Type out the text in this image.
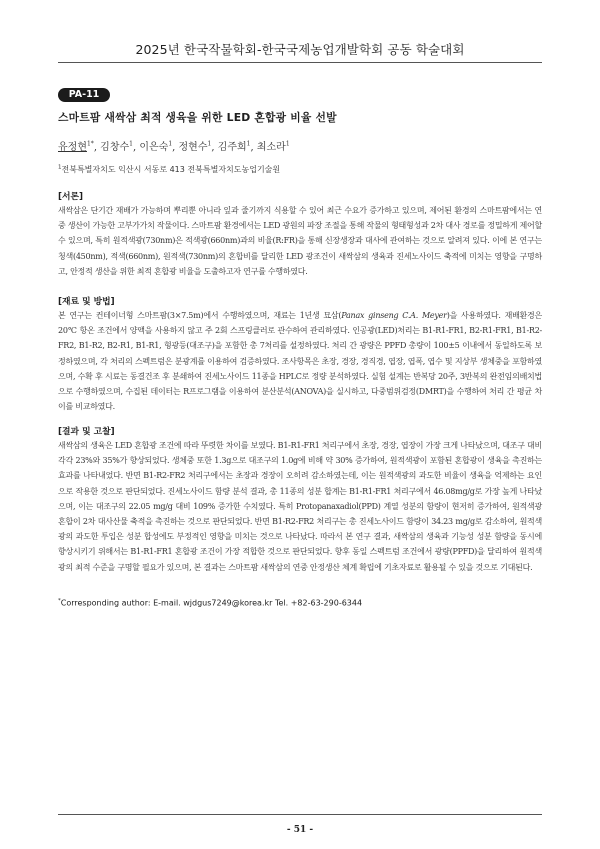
2025년 한국작물학회-한국국제농업개발학회 공동 학술대회
PA-11
스마트팜 새싹삼 최적 생육을 위한 LED 혼합광 비율 선발
유정현$^{1*}$, 김창수$^1$, 이은숙$^1$, 정현수$^1$, 김주희$^1$, 최소라$^1$
$^1$전북특별자치도 익산시 서동로 413 전북특별자치도농업기술원
[서론]

새싹삼은 단기간 재배가 가능하며 뿌리뿐 아니라 잎과 줄기까지 식용할 수 있어 최근 수요가 증가하고 있으며, 제어된 환경의 스마트팜에서는 연중 생산이 가능한 고부가가치 작물이다. 스마트팜 환경에서는 LED 광원의 파장 조절을 통해 작물의 형태형성과 2차 대사 경로를 정밀하게 제어할 수 있으며, 특히 원적색광(730nm)은 적색광(660nm)과의 비율(R:FR)을 통해 신장생장과 대사에 관여하는 것으로 알려져 있다. 이에 본 연구는 청색(450nm), 적색(660nm), 원적색(730nm)의 혼합비를 달리한 LED 광조건이 새싹삼의 생육과 진세노사이드 축적에 미치는 영향을 구명하고, 안정적 생산을 위한 최적 혼합광 비율을 도출하고자 연구를 수행하였다.

[재료 및 방법]

본 연구는 컨테이너형 스마트팜(3×7.5m)에서 수행하였으며, 재료는 1년생 묘삼(Panax ginseng C.A. Meyer)을 사용하였다. 재배환경은 20℃ 항온 조건에서 양액을 사용하지 않고 주 2회 스프링클러로 관수하여 관리하였다. 인공광(LED)처리는 B1-R1-FR1, B2-R1-FR1, B1-R2-FR2, B1-R2, B2-R1, B1-R1, 형광등(대조구)을 포함한 총 7처리를 설정하였다. 처리 간 광량은 PPFD 총량이 100±5 이내에서 동일하도록 보정하였으며, 각 처리의 스펙트럼은 분광계를 이용하여 검증하였다. 조사항목은 초장, 경장, 경직경, 엽장, 엽폭, 엽수 및 지상부 생체중을 포함하였으며, 수확 후 시료는 동결건조 후 분쇄하여 진세노사이드 11종을 HPLC로 정량 분석하였다. 실험 설계는 반복당 20주, 3반복의 완전임의배치법으로 수행하였으며, 수집된 데이터는 R프로그램을 이용하여 분산분석(ANOVA)을 실시하고, 다중범위검정(DMRT)을 수행하여 처리 간 평균 차이를 비교하였다.

[결과 및 고찰]

새싹삼의 생육은 LED 혼합광 조건에 따라 뚜렷한 차이를 보였다. B1-R1-FR1 처리구에서 초장, 경장, 엽장이 가장 크게 나타났으며, 대조구 대비 각각 23%와 35%가 향상되었다. 생체중 또한 1.3g으로 대조구의 1.0g에 비해 약 30% 증가하여, 원적색광이 포함된 혼합광이 생육을 촉진하는 효과를 나타내었다. 반면 B1-R2-FR2 처리구에서는 초장과 경장이 오히려 감소하였는데, 이는 원적색광의 과도한 비율이 생육을 억제하는 요인으로 작용한 것으로 판단되었다. 진세노사이드 함량 분석 결과, 총 11종의 성분 합계는 B1-R1-FR1 처리구에서 46.08mg/g로 가장 높게 나타났으며, 이는 대조구의 22.05 mg/g 대비 109% 증가한 수치였다. 특히 Protopanaxadiol(PPD) 계열 성분의 함량이 현저히 증가하여, 원적색광 혼합이 2차 대사산물 축적을 촉진하는 것으로 판단되었다. 반면 B1-R2-FR2 처리구는 총 진세노사이드 함량이 34.23 mg/g로 감소하여, 원적색광의 과도한 투입은 성분 합성에도 부정적인 영향을 미치는 것으로 나타났다. 따라서 본 연구 결과, 새싹삼의 생육과 기능성 성분 함량을 동시에 향상시키기 위해서는 B1-R1-FR1 혼합광 조건이 가장 적합한 것으로 판단되었다. 향후 동일 스펙트럼 조건에서 광량(PPFD)을 달리하여 원적색광의 최적 수준을 구명할 필요가 있으며, 본 결과는 스마트팜 새싹삼의 연중 안정생산 체계 확립에 기초자료로 활용될 수 있을 것으로 기대된다.

*Corresponding author: E-mail. wjdgus7249@korea.kr Tel. +82-63-290-6344
- 51 -
